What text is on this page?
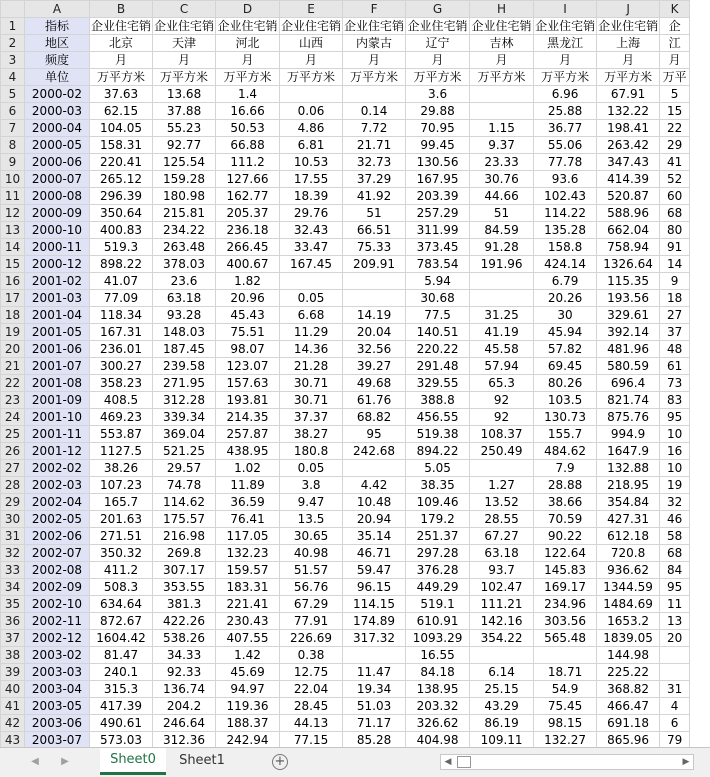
	A	B	C	D	E	F	G	H	I	J	K
1	指标	企业住宅销	企业住宅销	企业住宅销	企业住宅销	企业住宅销	企业住宅销	企业住宅销	企业住宅销	企业住宅销	企
2	地区	北京	天津	河北	山西	内蒙古	辽宁	吉林	黑龙江	上海	江
3	频度	月	月	月	月	月	月	月	月	月	月
4	单位	万平方米	万平方米	万平方米	万平方米	万平方米	万平方米	万平方米	万平方米	万平方米	万平
5	2000-02	37.63	13.68	1.4			3.6		6.96	67.91	5
6	2000-03	62.15	37.88	16.66	0.06	0.14	29.88		25.88	132.22	15
7	2000-04	104.05	55.23	50.53	4.86	7.72	70.95	1.15	36.77	198.41	22
8	2000-05	158.31	92.77	66.88	6.81	21.71	99.45	9.37	55.06	263.42	29
9	2000-06	220.41	125.54	111.2	10.53	32.73	130.56	23.33	77.78	347.43	41
10	2000-07	265.12	159.28	127.66	17.55	37.29	167.95	30.76	93.6	414.39	52
11	2000-08	296.39	180.98	162.77	18.39	41.92	203.39	44.66	102.43	520.87	60
12	2000-09	350.64	215.81	205.37	29.76	51	257.29	51	114.22	588.96	68
13	2000-10	400.83	234.22	236.18	32.43	66.51	311.99	84.59	135.28	662.04	80
14	2000-11	519.3	263.48	266.45	33.47	75.33	373.45	91.28	158.8	758.94	91
15	2000-12	898.22	378.03	400.67	167.45	209.91	783.54	191.96	424.14	1326.64	14
16	2001-02	41.07	23.6	1.82			5.94		6.79	115.35	9
17	2001-03	77.09	63.18	20.96	0.05		30.68		20.26	193.56	18
18	2001-04	118.34	93.28	45.43	6.68	14.19	77.5	31.25	30	329.61	27
19	2001-05	167.31	148.03	75.51	11.29	20.04	140.51	41.19	45.94	392.14	37
20	2001-06	236.01	187.45	98.07	14.36	32.56	220.22	45.58	57.82	481.96	48
21	2001-07	300.27	239.58	123.07	21.28	39.27	291.48	57.94	69.45	580.59	61
22	2001-08	358.23	271.95	157.63	30.71	49.68	329.55	65.3	80.26	696.4	73
23	2001-09	408.5	312.28	193.81	30.71	61.76	388.8	92	103.5	821.74	83
24	2001-10	469.23	339.34	214.35	37.37	68.82	456.55	92	130.73	875.76	95
25	2001-11	553.87	369.04	257.87	38.27	95	519.38	108.37	155.7	994.9	10
26	2001-12	1127.5	521.25	438.95	180.8	242.68	894.22	250.49	484.62	1647.9	16
27	2002-02	38.26	29.57	1.02	0.05		5.05		7.9	132.88	10
28	2002-03	107.23	74.78	11.89	3.8	4.42	38.35	1.27	28.88	218.95	19
29	2002-04	165.7	114.62	36.59	9.47	10.48	109.46	13.52	38.66	354.84	32
30	2002-05	201.63	175.57	76.41	13.5	20.94	179.2	28.55	70.59	427.31	46
31	2002-06	271.51	216.98	117.05	30.65	35.14	251.37	67.27	90.22	612.18	58
32	2002-07	350.32	269.8	132.23	40.98	46.71	297.28	63.18	122.64	720.8	68
33	2002-08	411.2	307.17	159.57	51.57	59.47	376.28	93.7	145.83	936.62	84
34	2002-09	508.3	353.55	183.31	56.76	96.15	449.29	102.47	169.17	1344.59	95
35	2002-10	634.64	381.3	221.41	67.29	114.15	519.1	111.21	234.96	1484.69	11
36	2002-11	872.67	422.26	230.43	77.91	174.89	610.91	142.16	303.56	1653.2	13
37	2002-12	1604.42	538.26	407.55	226.69	317.32	1093.29	354.22	565.48	1839.05	20
38	2003-02	81.47	34.33	1.42	0.38		16.55			144.98	
39	2003-03	240.1	92.33	45.69	12.75	11.47	84.18	6.14	18.71	225.22	
40	2003-04	315.3	136.74	94.97	22.04	19.34	138.95	25.15	54.9	368.82	31
41	2003-05	417.39	204.2	119.36	28.45	51.03	203.32	43.29	75.45	466.47	4
42	2003-06	490.61	246.64	188.37	44.13	71.17	326.62	86.19	98.15	691.18	6
43	2003-07	573.03	312.36	242.94	77.15	85.28	404.98	109.11	132.27	865.96	79
◀	▶	Sheet0	Sheet1	+	◀	▶
